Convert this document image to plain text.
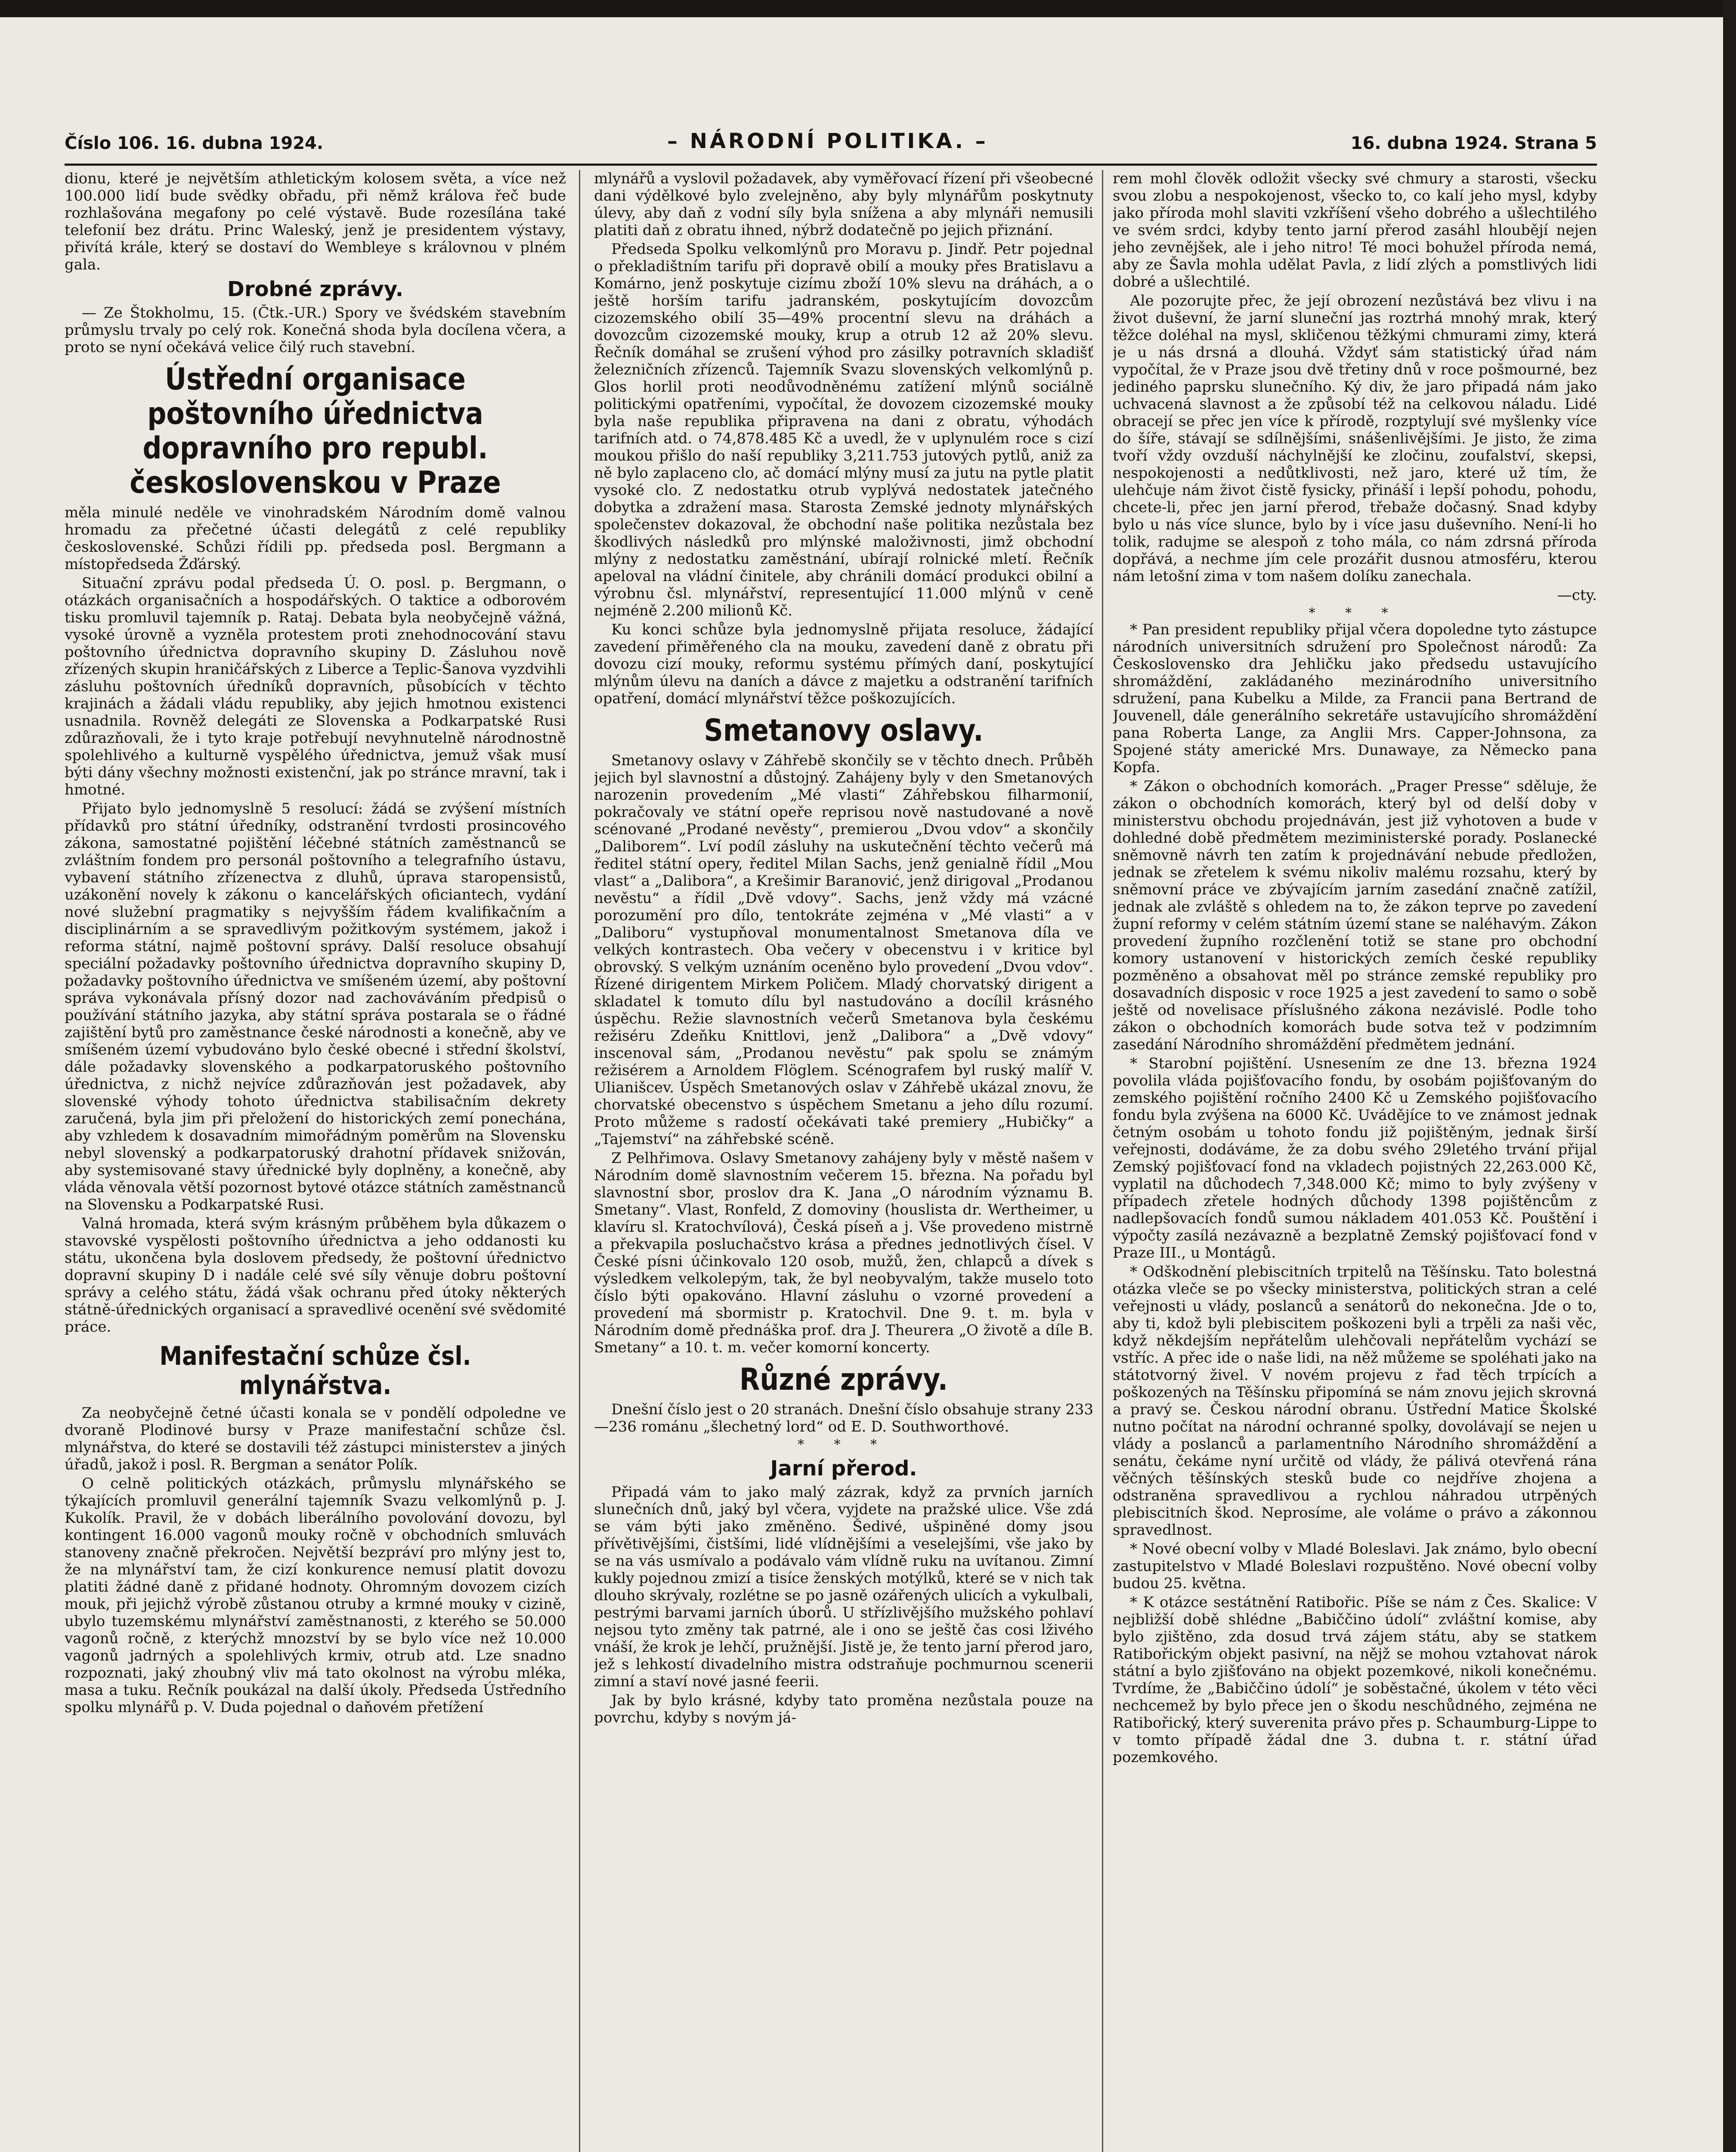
Číslo 106. 16. dubna 1924.	– NÁRODNÍ POLITIKA. –	16. dubna 1924. Strana 5

dionu, které je největším athletickým kolosem světa, a více než 100.000 lidí bude svědky obřadu, při němž králova řeč bude rozhlašována megafony po celé výstavě. Bude rozesílána také telefonií bez drátu. Princ Waleský, jenž je presidentem výstavy, přivítá krále, který se dostaví do Wembleye s královnou v plném gala.

Drobné zprávy.

— Ze Štokholmu, 15. (Čtk.-UR.) Spory ve švédském stavebním průmyslu trvaly po celý rok. Konečná shoda byla docílena včera, a proto se nyní očekává velice čilý ruch stavební.

Ústřední organisace poštovního úřednictva dopravního pro republ. československou v Praze

měla minulé neděle ve vinohradském Národním domě valnou hromadu za přečetné účasti delegátů z celé republiky československé. Schůzi řídili pp. předseda posl. Bergmann a místopředseda Žďárský.

Situační zprávu podal předseda Ú. O. posl. p. Bergmann, o otázkách organisačních a hospodářských. O taktice a odborovém tisku promluvil tajemník p. Rataj. Debata byla neobyčejně vážná, vysoké úrovně a vyzněla protestem proti znehodnocování stavu poštovního úřednictva dopravního skupiny D. Zásluhou nově zřízených skupin hraničářských z Liberce a Teplic-Šanova vyzdvihli zásluhu poštovních úředníků dopravních, působících v těchto krajinách a žádali vládu republiky, aby jejich hmotnou existenci usnadnila. Rovněž delegáti ze Slovenska a Podkarpatské Rusi zdůrazňovali, že i tyto kraje potřebují nevyhnutelně národnostně spolehlivého a kulturně vyspělého úřednictva, jemuž však musí býti dány všechny možnosti existenční, jak po stránce mravní, tak i hmotné.

Přijato bylo jednomyslně 5 resolucí: žádá se zvýšení místních přídavků pro státní úředníky, odstranění tvrdosti prosincového zákona, samostatné pojištění léčebné státních zaměstnanců se zvláštním fondem pro personál poštovního a telegrafního ústavu, vybavení státního zřízenectva z dluhů, úprava staropensistů, uzákonění novely k zákonu o kancelářských oficiantech, vydání nové služební pragmatiky s nejvyšším řádem kvalifikačním a disciplinárním a se spravedlivým požitkovým systémem, jakož i reforma státní, najmě poštovní správy. Další resoluce obsahují speciální požadavky poštovního úřednictva dopravního skupiny D, požadavky poštovního úřednictva ve smíšeném území, aby poštovní správa vykonávala přísný dozor nad zachováváním předpisů o používání státního jazyka, aby státní správa postarala se o řádné zajištění bytů pro zaměstnance české národnosti a konečně, aby ve smíšeném území vybudováno bylo české obecné i střední školství, dále požadavky slovenského a podkarpatoruského poštovního úřednictva, z nichž nejvíce zdůrazňován jest požadavek, aby slovenské výhody tohoto úřednictva stabilisačním dekrety zaručená, byla jim při přeložení do historických zemí ponechána, aby vzhledem k dosavadním mimořádným poměrům na Slovensku nebyl slovenský a podkarpatoruský drahotní přídavek snižován, aby systemisované stavy úřednické byly doplněny, a konečně, aby vláda věnovala větší pozornost bytové otázce státních zaměstnanců na Slovensku a Podkarpatské Rusi.

Valná hromada, která svým krásným průběhem byla důkazem o stavovské vyspělosti poštovního úřednictva a jeho oddanosti ku státu, ukončena byla doslovem předsedy, že poštovní úřednictvo dopravní skupiny D i nadále celé své síly věnuje dobru poštovní správy a celého státu, žádá však ochranu před útoky některých státně-úřednických organisací a spravedlivé ocenění své svědomité práce.

Manifestační schůze čsl. mlynářstva.

Za neobyčejně četné účasti konala se v pondělí odpoledne ve dvoraně Plodinové bursy v Praze manifestační schůze čsl. mlynářstva, do které se dostavili též zástupci ministerstev a jiných úřadů, jakož i posl. R. Bergman a senátor Polík.

O celně politických otázkách, průmyslu mlynářského se týkajících promluvil generální tajemník Svazu velkomlýnů p. J. Kukolík. Pravil, že v dobách liberálního povolování dovozu, byl kontingent 16.000 vagonů mouky ročně v obchodních smluvách stanoveny značně překročen. Největší bezpráví pro mlýny jest to, že na mlynářství tam, že cizí konkurence nemusí platit dovozu platiti žádné daně z přidané hodnoty. Ohromným dovozem cizích mouk, při jejichž výrobě zůstanou otruby a krmné mouky v cizině, ubylo tuzemskému mlynářství zaměstnanosti, z kterého se 50.000 vagonů ročně, z kterýchž mnozství by se bylo více než 10.000 vagonů jadrných a spolehlivých krmiv, otrub atd. Lze snadno rozpoznati, jaký zhoubný vliv má tato okolnost na výrobu mléka, masa a tuku. Rečník poukázal na další úkoly. Předseda Ústředního spolku mlynářů p. V. Duda pojednal o daňovém přetížení

mlynářů a vyslovil požadavek, aby vyměřovací řízení při všeobecné dani výdělkové bylo zvelejněno, aby byly mlynářům poskytnuty úlevy, aby daň z vodní síly byla snížena a aby mlynáři nemusili platiti daň z obratu ihned, nýbrž dodatečně po jejich přiznání.

Předseda Spolku velkomlýnů pro Moravu p. Jindř. Petr pojednal o překladištním tarifu při dopravě obilí a mouky přes Bratislavu a Komárno, jenž poskytuje cizímu zboží 10% slevu na dráhách, a o ještě horším tarifu jadranském, poskytujícím dovozcům cizozemského obilí 35—49% procentní slevu na dráhách a dovozcům cizozemské mouky, krup a otrub 12 až 20% slevu. Řečník domáhal se zrušení výhod pro zásilky potravních skladišť železničních zřízenců. Tajemník Svazu slovenských velkomlýnů p. Glos horlil proti neodůvodněnému zatížení mlýnů sociálně politickými opatřeními, vypočítal, že dovozem cizozemské mouky byla naše republika připravena na dani z obratu, výhodách tarifních atd. o 74,878.485 Kč a uvedl, že v uplynulém roce s cizí moukou přišlo do naší republiky 3,211.753 jutových pytlů, aniž za ně bylo zaplaceno clo, ač domácí mlýny musí za jutu na pytle platit vysoké clo. Z nedostatku otrub vyplývá nedostatek jatečného dobytka a zdražení masa. Starosta Zemské jednoty mlynářských společenstev dokazoval, že obchodní naše politika nezůstala bez škodlivých následků pro mlýnské maloživnosti, jimž obchodní mlýny z nedostatku zaměstnání, ubírají rolnické mletí. Řečník apeloval na vládní činitele, aby chránili domácí produkci obilní a výrobnu čsl. mlynářství, representující 11.000 mlýnů v ceně nejméně 2.200 milionů Kč.

Ku konci schůze byla jednomyslně přijata resoluce, žádající zavedení přiměřeného cla na mouku, zavedení daně z obratu při dovozu cizí mouky, reformu systému přímých daní, poskytující mlýnům úlevu na daních a dávce z majetku a odstranění tarifních opatření, domácí mlynářství těžce poškozujících.

Smetanovy oslavy.

Smetanovy oslavy v Záhřebě skončily se v těchto dnech. Průběh jejich byl slavnostní a důstojný. Zahájeny byly v den Smetanových narozenin provedením „Mé vlasti“ Záhřebskou filharmonií, pokračovaly ve státní opeře reprisou nově nastudované a nově scénované „Prodané nevěsty“, premierou „Dvou vdov“ a skončily „Daliborem“. Lví podíl zásluhy na uskutečnění těchto večerů má ředitel státní opery, ředitel Milan Sachs, jenž genialně řídil „Mou vlast“ a „Dalibora“, a Krešimir Baranović, jenž dirigoval „Prodanou nevěstu“ a řídil „Dvě vdovy“. Sachs, jenž vždy má vzácné porozumění pro dílo, tentokráte zejména v „Mé vlasti“ a v „Daliboru“ vystupňoval monumentalnost Smetanova díla ve velkých kontrastech. Oba večery v obecenstvu i v kritice byl obrovský. S velkým uznáním oceněno bylo provedení „Dvou vdov“. Řízené dirigentem Mirkem Poličem. Mladý chorvatský dirigent a skladatel k tomuto dílu byl nastudováno a docílil krásného úspěchu. Režie slavnostních večerů Smetanova byla českému režiséru Zdeňku Knittlovi, jenž „Dalibora“ a „Dvě vdovy“ inscenoval sám, „Prodanou nevěstu“ pak spolu se známým režisérem a Arnoldem Flöglem. Scénografem byl ruský malíř V. Ulianišcev. Úspěch Smetanových oslav v Záhřebě ukázal znovu, že chorvatské obecenstvo s úspěchem Smetanu a jeho dílu rozumí. Proto můžeme s radostí očekávati také premiery „Hubičky“ a „Tajemství“ na záhřebské scéně.

Z Pelhřimova. Oslavy Smetanovy zahájeny byly v městě našem v Národním domě slavnostním večerem 15. března. Na pořadu byl slavnostní sbor, proslov dra K. Jana „O národním významu B. Smetany“. Vlast, Ronfeld, Z domoviny (houslista dr. Wertheimer, u klavíru sl. Kratochvílová), Česká píseň a j. Vše provedeno mistrně a překvapila posluchačstvo krása a přednes jednotlivých čísel. V České písni účinkovalo 120 osob, mužů, žen, chlapců a dívek s výsledkem velkolepým, tak, že byl neobyvalým, takže muselo toto číslo býti opakováno. Hlavní zásluhu o vzorné provedení a provedení má sbormistr p. Kratochvil. Dne 9. t. m. byla v Národním domě přednáška prof. dra J. Theurera „O životě a díle B. Smetany“ a 10. t. m. večer komorní koncerty.

Různé zprávy.

Dnešní číslo jest o 20 stranách. Dnešní číslo obsahuje strany 233—236 románu „šlechetný lord“ od E. D. Southworthové.

* * *
Jarní přerod.

Připadá vám to jako malý zázrak, když za prvních jarních slunečních dnů, jaký byl včera, vyjdete na pražské ulice. Vše zdá se vám býti jako změněno. Šedivé, ušpiněné domy jsou přívětivějšími, čistšími, lidé vlídnějšími a veselejšími, vše jako by se na vás usmívalo a podávalo vám vlídně ruku na uvítanou. Zimní kukly pojednou zmizí a tisíce ženských motýlků, které se v nich tak dlouho skrývaly, rozlétne se po jasně ozářených ulicích a vykulbali, pestrými barvami jarních úborů. U střízlivějšího mužského pohlaví nejsou tyto změny tak patrné, ale i ono se ještě čas cosi lživého vnáší, že krok je lehčí, pružnější. Jistě je, že tento jarní přerod jaro, jež s lehkostí divadelního mistra odstraňuje pochmurnou scenerii zimní a staví nové jasné feerii.

Jak by bylo krásné, kdyby tato proměna nezůstala pouze na povrchu, kdyby s novým já-

rem mohl člověk odložit všecky své chmury a starosti, všecku svou zlobu a nespokojenost, všecko to, co kalí jeho mysl, kdyby jako příroda mohl slaviti vzkříšení všeho dobrého a ušlechtilého ve svém srdci, kdyby tento jarní přerod zasáhl hloubějí nejen jeho zevnějšek, ale i jeho nitro! Té moci bohužel příroda nemá, aby ze Šavla mohla udělat Pavla, z lidí zlých a pomstlivých lidi dobré a ušlechtilé.

Ale pozorujte přec, že její obrození nezůstává bez vlivu i na život duševní, že jarní sluneční jas roztrhá mnohý mrak, který těžce doléhal na mysl, skličenou těžkými chmurami zimy, která je u nás drsná a dlouhá. Vždyť sám statistický úřad nám vypočítal, že v Praze jsou dvě třetiny dnů v roce pošmourné, bez jediného paprsku slunečního. Ký div, že jaro připadá nám jako uchvacená slavnost a že způsobí též na celkovou náladu. Lidé obracejí se přec jen více k přírodě, rozptylují své myšlenky více do šíře, stávají se sdílnějšími, snášenlivějšími. Je jisto, že zima tvoří vždy ovzduší náchylnější ke zločinu, zoufalství, skepsi, nespokojenosti a nedůtklivosti, než jaro, které už tím, že ulehčuje nám život čistě fysicky, přináší i lepší pohodu, pohodu, chcete-li, přec jen jarní přerod, třebaže dočasný. Snad kdyby bylo u nás více slunce, bylo by i více jasu duševního. Není-li ho tolik, radujme se alespoň z toho mála, co nám zdrsná příroda dopřává, a nechme jím cele prozářit dusnou atmosféru, kterou nám letošní zima v tom našem dolíku zanechala.

—cty.

* * *

* Pan president republiky přijal včera dopoledne tyto zástupce národních universitních sdružení pro Společnost národů: Za Československo dra Jehličku jako předsedu ustavujícího shromáždění, zakládaného mezinárodního universitního sdružení, pana Kubelku a Milde, za Francii pana Bertrand de Jouvenell, dále generálního sekretáře ustavujícího shromáždění pana Roberta Lange, za Anglii Mrs. Capper-Johnsona, za Spojené státy americké Mrs. Dunawaye, za Německo pana Kopfa.

* Zákon o obchodních komorách. „Prager Presse“ sděluje, že zákon o obchodních komorách, který byl od delší doby v ministerstvu obchodu projednáván, jest již vyhotoven a bude v dohledné době předmětem meziministerské porady. Poslanecké sněmovně návrh ten zatím k projednávání nebude předložen, jednak se zřetelem k svému nikoliv malému rozsahu, který by sněmovní práce ve zbývajícím jarním zasedání značně zatížil, jednak ale zvláště s ohledem na to, že zákon teprve po zavedení župní reformy v celém státním území stane se naléhavým. Zákon provedení župního rozčlenění totiž se stane pro obchodní komory ustanovení v historických zemích české republiky pozměněno a obsahovat měl po stránce zemské republiky pro dosavadních disposic v roce 1925 a jest zavedení to samo o sobě ještě od novelisace příslušného zákona nezávislé. Podle toho zákon o obchodních komorách bude sotva tež v podzimním zasedání Národního shromáždění předmětem jednání.

* Starobní pojištění. Usnesením ze dne 13. března 1924 povolila vláda pojišťovacího fondu, by osobám pojišťovaným do zemského pojištění ročního 2400 Kč u Zemského pojišťovacího fondu byla zvýšena na 6000 Kč. Uvádějíce to ve známost jednak četným osobám u tohoto fondu již pojištěným, jednak širší veřejnosti, dodáváme, že za dobu svého 29letého trvání přijal Zemský pojišťovací fond na vkladech pojistných 22,263.000 Kč, vyplatil na důchodech 7,348.000 Kč; mimo to byly zvýšeny v případech zřetele hodných důchody 1398 pojištěncům z nadlepšovacích fondů sumou nákladem 401.053 Kč. Pouštění i výpočty zasílá nezávazně a bezplatně Zemský pojišťovací fond v Praze III., u Montágů.

* Odškodnění plebiscitních trpitelů na Těšínsku. Tato bolestná otázka vleče se po všecky ministerstva, politických stran a celé veřejnosti u vlády, poslanců a senátorů do nekonečna. Jde o to, aby ti, kdož byli plebiscitem poškozeni byli a trpěli za naši věc, když někdejším nepřátelům ulehčovali nepřátelům vychází se vstříc. A přec ide o naše lidi, na něž můžeme se spoléhati jako na státotvorný živel. V novém projevu z řad těch trpících a poškozených na Těšínsku připomíná se nám znovu jejich skrovná a pravý se. Českou národní obranu. Ústřední Matice Školské nutno počítat na národní ochranné spolky, dovolávají se nejen u vlády a poslanců a parlamentního Národního shromáždění a senátu, čekáme nyní určitě od vlády, že pálivá otevřená rána věčných těšínských stesků bude co nejdříve zhojena a odstraněna spravedlivou a rychlou náhradou utrpěných plebiscitních škod. Neprosíme, ale voláme o právo a zákonnou spravedlnost.

* Nové obecní volby v Mladé Boleslavi. Jak známo, bylo obecní zastupitelstvo v Mladé Boleslavi rozpuštěno. Nové obecní volby budou 25. května.

* K otázce sestátnění Ratibořic. Píše se nám z Čes. Skalice: V nejbližší době shlédne „Babiččino údolí“ zvláštní komise, aby bylo zjištěno, zda dosud trvá zájem státu, aby se statkem Ratibořickým objekt pasivní, na nějž se mohou vztahovat nárok státní a bylo zjišťováno na objekt pozemkové, nikoli konečnému. Tvrdíme, že „Babiččino údolí“ je soběstačné, úkolem v této věci nechcemež by bylo přece jen o škodu neschůdného, zejména ne Ratibořický, který suverenita právo přes p. Schaumburg-Lippe to v tomto případě žádal dne 3. dubna t. r. státní úřad pozemkového.
